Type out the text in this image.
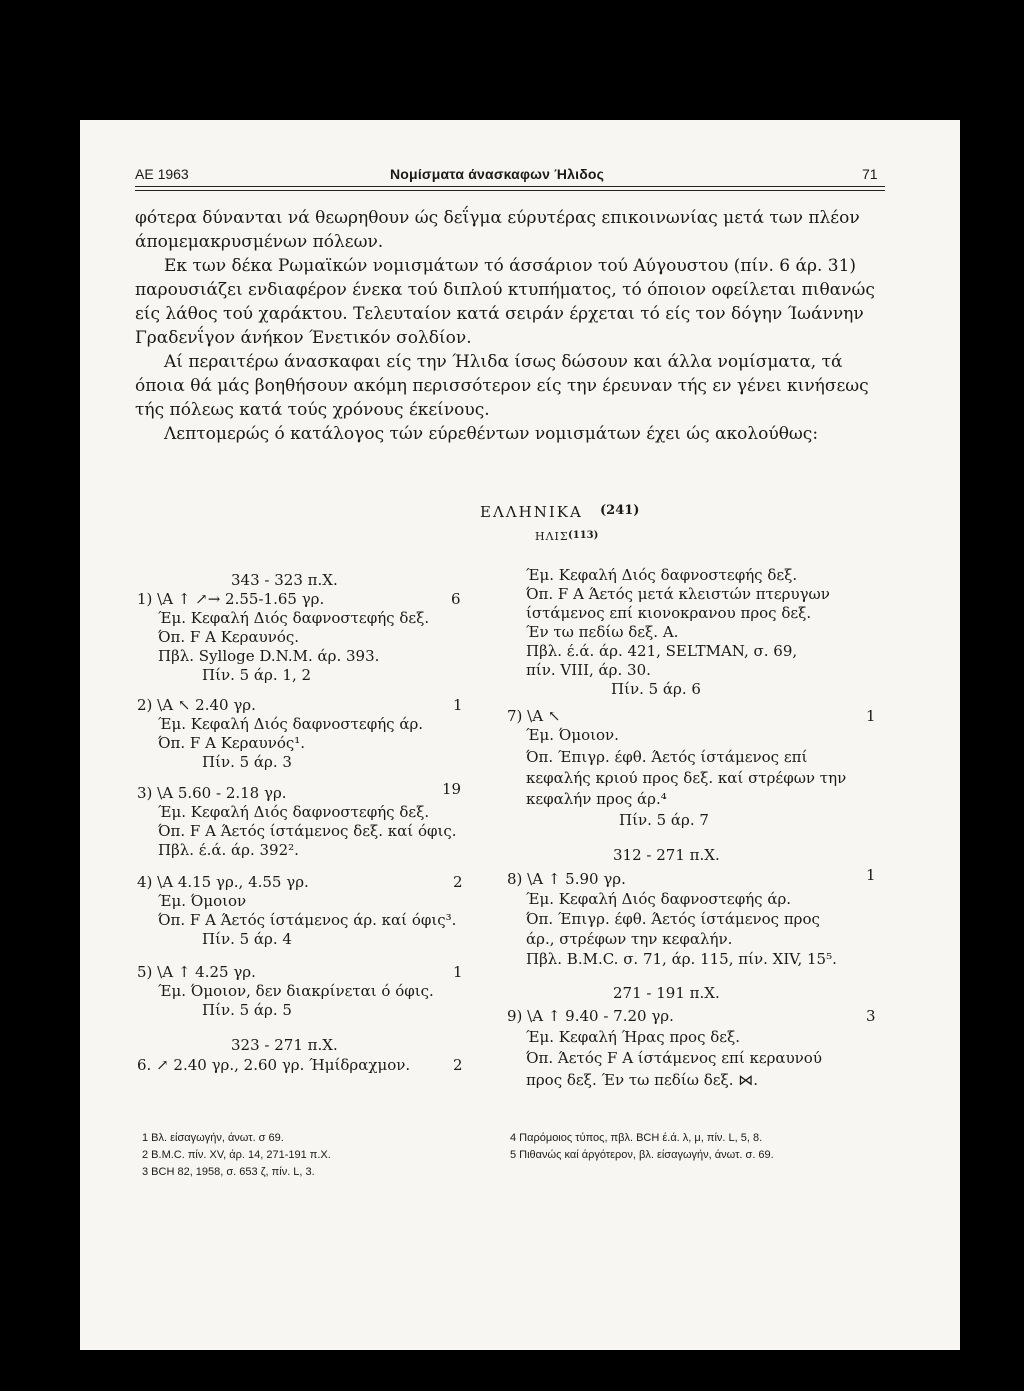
ΑΕ 1963	Νομίσματα άνασκαφων Ήλιδος	71
φότερα δύνανται νά θεωρηθουν ώς δεΐγμα εύρυτέρας επικοινωνίας μετά των πλέον
άπομεμακρυσμένων πόλεων.
Εκ των δέκα Ρωμαϊκών νομισμάτων τό άσσάριον τού Αύγουστου (πίν. 6 άρ. 31)
παρουσιάζει ενδιαφέρον ένεκα τού διπλού κτυπήματος, τό όποιον οφείλεται πιθανώς
είς λάθος τού χαράκτου. Τελευταίον κατά σειράν έρχεται τό είς τον δόγην Ίωάννην
Γραδενΐγον άνήκον Ένετικόν σολδίον.
Αί περαιτέρω άνασκαφαι είς την Ήλιδα ίσως δώσουν και άλλα νομίσματα, τά
όποια θά μάς βοηθήσουν ακόμη περισσότερον είς την έρευναν τής εν γένει κινήσεως
τής πόλεως κατά τούς χρόνους έκείνους.
Λεπτομερώς ό κατάλογος τών εύρεθέντων νομισμάτων έχει ώς ακολούθως:
ΕΛΛΗΝΙΚΑ (241)
ΗΛΙΣ (113)
343 - 323 π.Χ.
1) \A ↑ ↗→ 2.55-1.65 γρ.	6
Έμ. Κεφαλή Διός δαφνοστεφής δεξ.
Όπ. F A Κεραυνός.
Πβλ. Sylloge D.N.M. άρ. 393.
Πίν. 5 άρ. 1, 2
2) \A ↖ 2.40 γρ.	1
Έμ. Κεφαλή Διός δαφνοστεφής άρ.
Όπ. F A Κεραυνός¹.
Πίν. 5 άρ. 3
3) \A 5.60 - 2.18 γρ.	19
Έμ. Κεφαλή Διός δαφνοστεφής δεξ.
Όπ. F A Άετός ίστάμενος δεξ. καί όφις.
Πβλ. έ.ά. άρ. 392².
4) \A 4.15 γρ., 4.55 γρ.	2
Έμ. Όμοιον
Όπ. F A Άετός ίστάμενος άρ. καί όφις³.
Πίν. 5 άρ. 4
5) \A ↑ 4.25 γρ.	1
Έμ. Όμοιον, δεν διακρίνεται ό όφις.
Πίν. 5 άρ. 5
323 - 271 π.Χ.
6. ↗ 2.40 γρ., 2.60 γρ. Ήμίδραχμον.	2
Έμ. Κεφαλή Διός δαφνοστεφής δεξ.
Όπ. F A Άετός μετά κλειστών πτερυγων
ίστάμενος επί κιονοκρανου προς δεξ.
Έν τω πεδίω δεξ. Α.
Πβλ. έ.ά. άρ. 421, SELTMAN, σ. 69,
πίν. VIII, άρ. 30.
Πίν. 5 άρ. 6
7) \A ↖	1
Έμ. Όμοιον.
Όπ. Έπιγρ. έφθ. Άετός ίστάμενος επί
κεφαλής κριού προς δεξ. καί στρέφων την
κεφαλήν προς άρ.⁴
Πίν. 5 άρ. 7
312 - 271 π.Χ.
8) \A ↑ 5.90 γρ.	1
Έμ. Κεφαλή Διός δαφνοστεφής άρ.
Όπ. Έπιγρ. έφθ. Άετός ίστάμενος προς
άρ., στρέφων την κεφαλήν.
Πβλ. B.M.C. σ. 71, άρ. 115, πίν. XIV, 15⁵.
271 - 191 π.Χ.
9) \A ↑ 9.40 - 7.20 γρ.	3
Έμ. Κεφαλή Ήρας προς δεξ.
Όπ. Άετός F A ίστάμενος επί κεραυνού
προς δεξ. Έν τω πεδίω δεξ. ⋈.
1 Βλ. είσαγωγήν, άνωτ. σ 69.
2 B.M.C. πίν. XV, άρ. 14, 271-191 π.Χ.
3 BCH 82, 1958, σ. 653 ζ, πίν. L, 3.
4 Παρόμοιος τύπος, πβλ. BCH έ.ά. λ, μ, πίν. L, 5, 8.
5 Πιθανώς καί άργότερον, βλ. είσαγωγήν, άνωτ. σ. 69.
